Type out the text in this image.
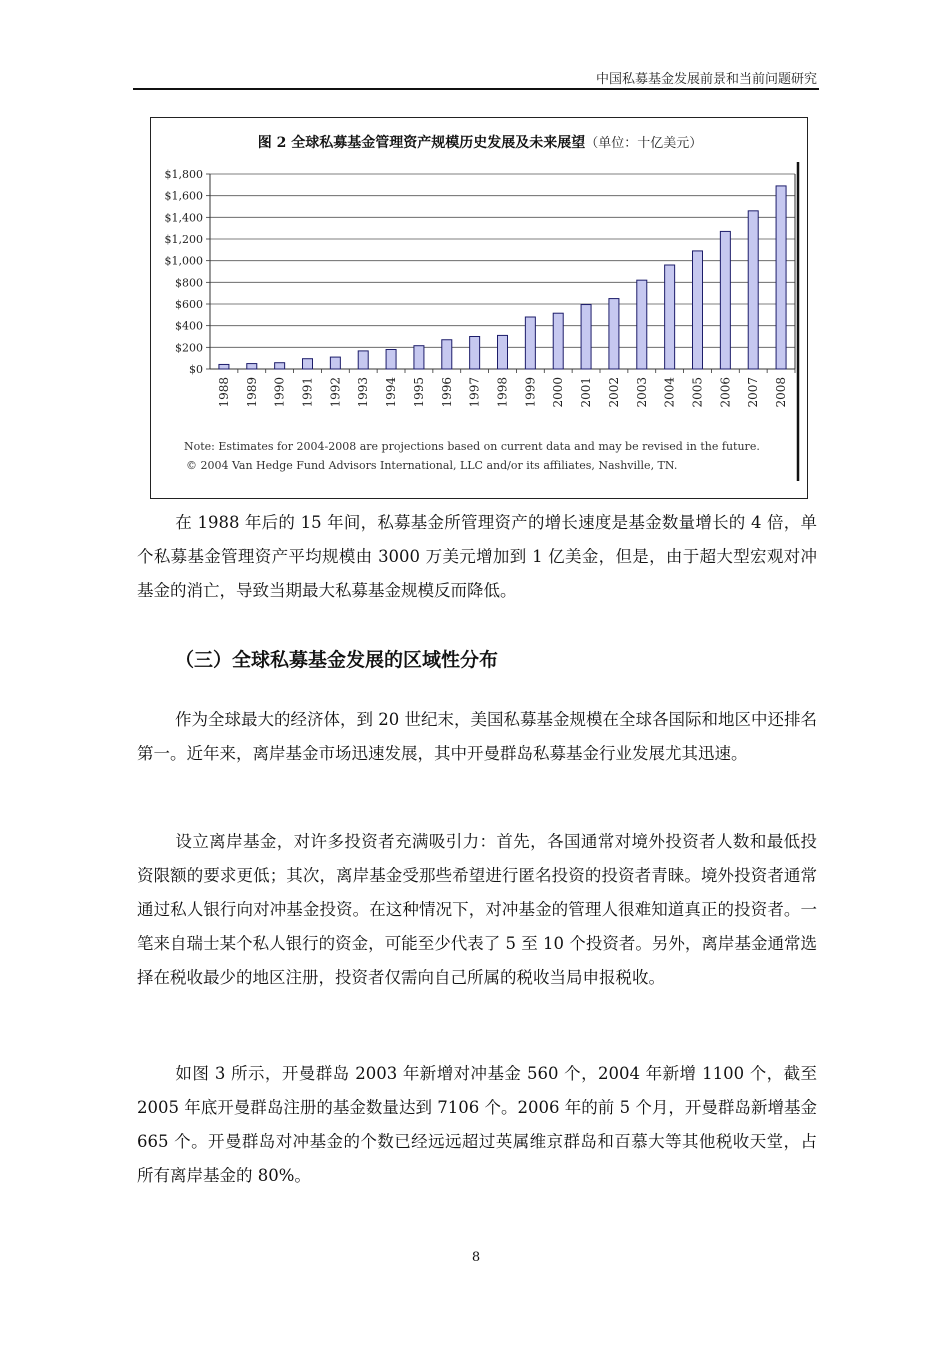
中国私募基金发展前景和当前问题研究
图 2 全球私募基金管理资产规模历史发展及未来展望（单位：十亿美元）
$0
$200
$400
$600
$800
$1,000
$1,200
$1,400
$1,600
$1,800
1988 1989 1990 1991 1992 1993 1994 1995 1996 1997 1998 1999 2000 2001 2002 2003 2004 2005 2006 2007 2008
Note: Estimates for 2004-2008 are projections based on current data and may be revised in the future.
© 2004 Van Hedge Fund Advisors International, LLC and/or its affiliates, Nashville, TN.

在 1988 年后的 15 年间，私募基金所管理资产的增长速度是基金数量增长的 4 倍，单个私募基金管理资产平均规模由 3000 万美元增加到 1 亿美金，但是，由于超大型宏观对冲基金的消亡，导致当期最大私募基金规模反而降低。

（三）全球私募基金发展的区域性分布

作为全球最大的经济体，到 20 世纪末，美国私募基金规模在全球各国际和地区中还排名第一。近年来，离岸基金市场迅速发展，其中开曼群岛私募基金行业发展尤其迅速。

设立离岸基金，对许多投资者充满吸引力：首先，各国通常对境外投资者人数和最低投资限额的要求更低；其次，离岸基金受那些希望进行匿名投资的投资者青睐。境外投资者通常通过私人银行向对冲基金投资。在这种情况下，对冲基金的管理人很难知道真正的投资者。一笔来自瑞士某个私人银行的资金，可能至少代表了 5 至 10 个投资者。另外，离岸基金通常选择在税收最少的地区注册，投资者仅需向自己所属的税收当局申报税收。

如图 3 所示，开曼群岛 2003 年新增对冲基金 560 个，2004 年新增 1100 个，截至 2005 年底开曼群岛注册的基金数量达到 7106 个。2006 年的前 5 个月，开曼群岛新增基金 665 个。开曼群岛对冲基金的个数已经远远超过英属维京群岛和百慕大等其他税收天堂，占所有离岸基金的 80%。

8
